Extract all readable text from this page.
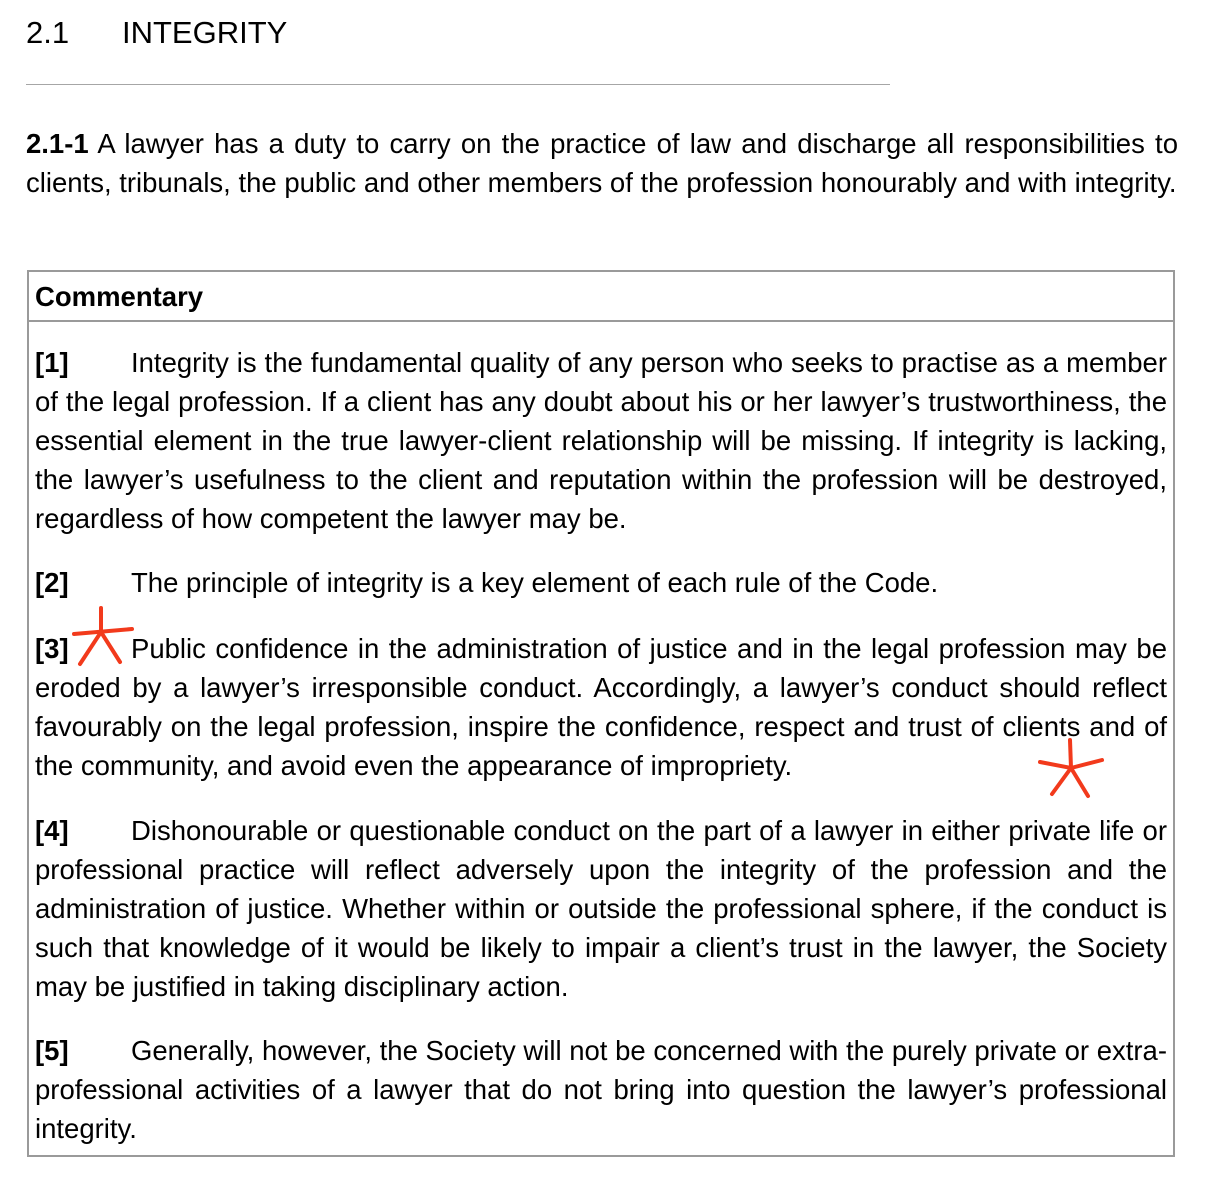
2.1 INTEGRITY
2.1-1 A lawyer has a duty to carry on the practice of law and discharge all responsibilities to clients, tribunals, the public and other members of the profession honourably and with integrity.
Commentary
[1] Integrity is the fundamental quality of any person who seeks to practise as a member of the legal profession. If a client has any doubt about his or her lawyer’s trustworthiness, the essential element in the true lawyer-client relationship will be missing. If integrity is lacking, the lawyer’s usefulness to the client and reputation within the profession will be destroyed, regardless of how competent the lawyer may be.
[2] The principle of integrity is a key element of each rule of the Code.
[3] Public confidence in the administration of justice and in the legal profession may be eroded by a lawyer’s irresponsible conduct. Accordingly, a lawyer’s conduct should reflect favourably on the legal profession, inspire the confidence, respect and trust of clients and of the community, and avoid even the appearance of impropriety.
[4] Dishonourable or questionable conduct on the part of a lawyer in either private life or professional practice will reflect adversely upon the integrity of the profession and the administration of justice. Whether within or outside the professional sphere, if the conduct is such that knowledge of it would be likely to impair a client’s trust in the lawyer, the Society may be justified in taking disciplinary action.
[5] Generally, however, the Society will not be concerned with the purely private or extra-professional activities of a lawyer that do not bring into question the lawyer’s professional integrity.
